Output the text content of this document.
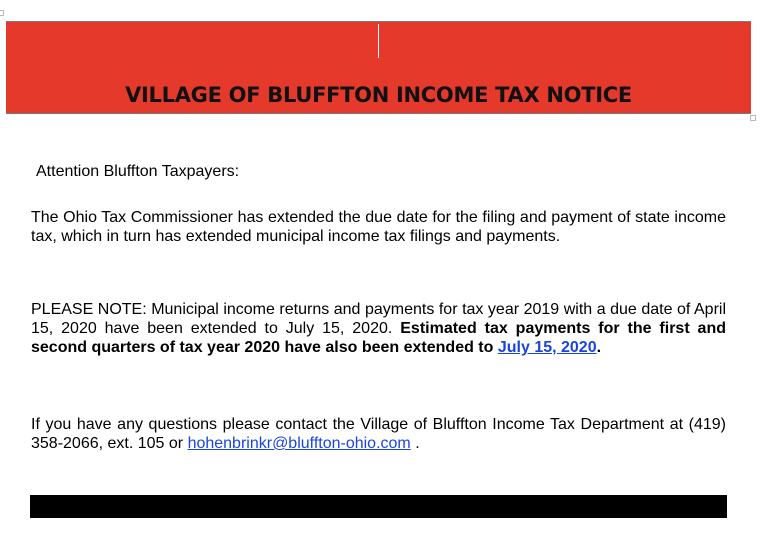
VILLAGE OF BLUFFTON INCOME TAX NOTICE
Attention Bluffton Taxpayers:
The Ohio Tax Commissioner has extended the due date for the filing and payment of state income tax, which in turn has extended municipal income tax filings and payments.
PLEASE NOTE: Municipal income returns and payments for tax year 2019 with a due date of April 15, 2020 have been extended to July 15, 2020. Estimated tax payments for the first and second quarters of tax year 2020 have also been extended to July 15, 2020.
If you have any questions please contact the Village of Bluffton Income Tax Department at (419) 358-2066, ext. 105 or hohenbrinkr@bluffton-ohio.com .
